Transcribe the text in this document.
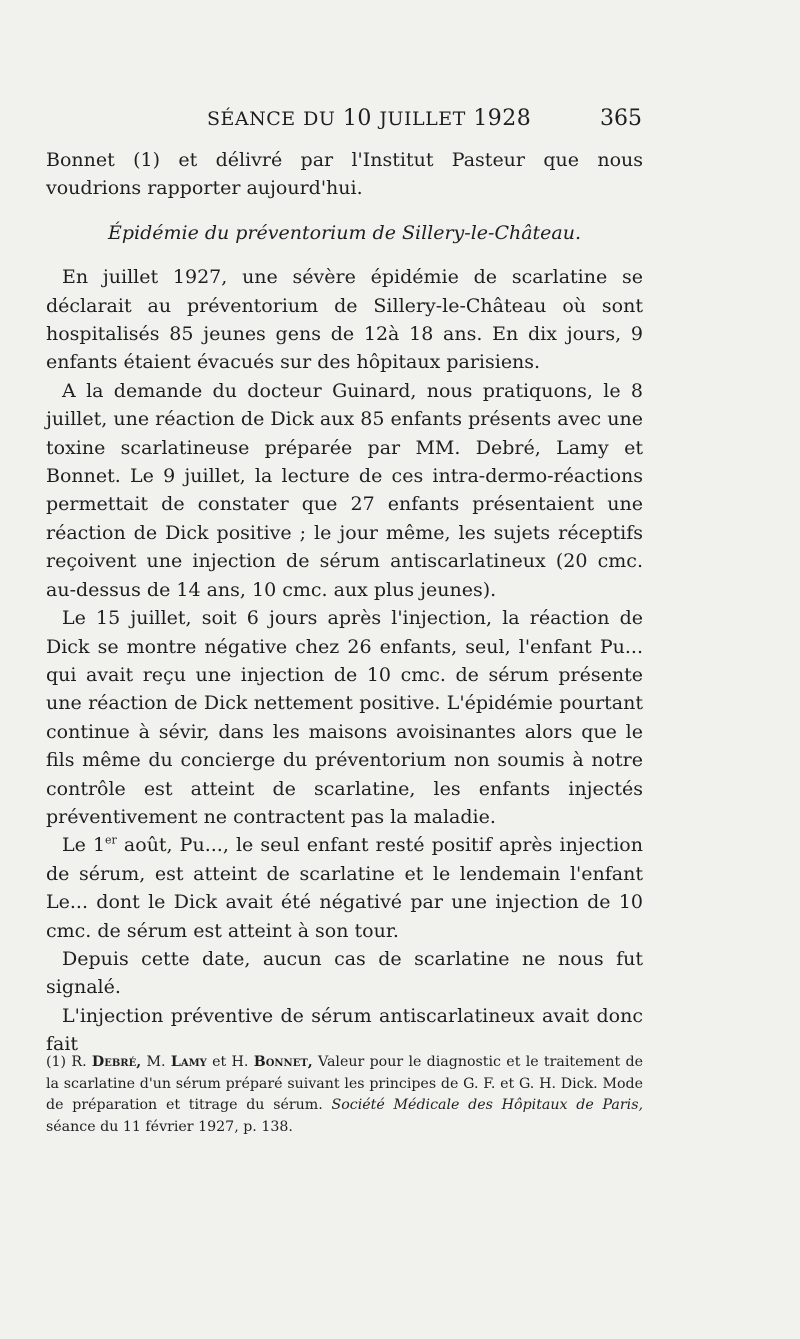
SÉANCE DU 10 JUILLET 1928	365

Bonnet (1) et délivré par l'Institut Pasteur que nous voudrions rapporter aujourd'hui.

Épidémie du préventorium de Sillery-le-Château.

En juillet 1927, une sévère épidémie de scarlatine se déclarait au préventorium de Sillery-le-Château où sont hospitalisés 85 jeunes gens de 12à 18 ans. En dix jours, 9 enfants étaient évacués sur des hôpitaux parisiens.

A la demande du docteur Guinard, nous pratiquons, le 8 juillet, une réaction de Dick aux 85 enfants présents avec une toxine scarlatineuse préparée par MM. Debré, Lamy et Bonnet. Le 9 juillet, la lecture de ces intra-dermo-réactions permettait de constater que 27 enfants présentaient une réaction de Dick positive ; le jour même, les sujets réceptifs reçoivent une injection de sérum antiscarlatineux (20 cmc. au-dessus de 14 ans, 10 cmc. aux plus jeunes).

Le 15 juillet, soit 6 jours après l'injection, la réaction de Dick se montre négative chez 26 enfants, seul, l'enfant Pu... qui avait reçu une injection de 10 cmc. de sérum présente une réaction de Dick nettement positive. L'épidémie pourtant continue à sévir, dans les maisons avoisinantes alors que le fils même du concierge du préventorium non soumis à notre contrôle est atteint de scarlatine, les enfants injectés préventivement ne contractent pas la maladie.

Le 1er août, Pu..., le seul enfant resté positif après injection de sérum, est atteint de scarlatine et le lendemain l'enfant Le... dont le Dick avait été négativé par une injection de 10 cmc. de sérum est atteint à son tour.

Depuis cette date, aucun cas de scarlatine ne nous fut signalé.

L'injection préventive de sérum antiscarlatineux avait donc fait

(1) R. Debré, M. Lamy et H. Bonnet, Valeur pour le diagnostic et le traitement de la scarlatine d'un sérum préparé suivant les principes de G. F. et G. H. Dick. Mode de préparation et titrage du sérum. Société Médicale des Hôpitaux de Paris, séance du 11 février 1927, p. 138.
